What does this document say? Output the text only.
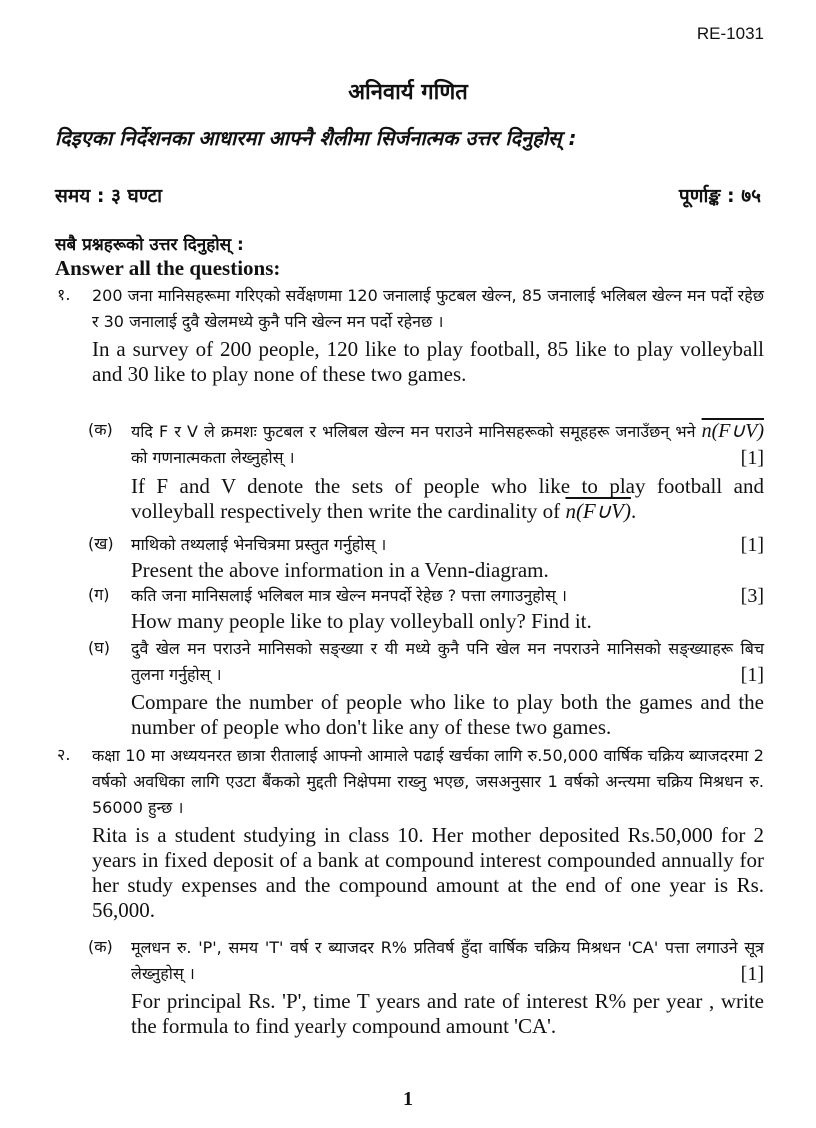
RE-1031
अनिवार्य गणित
दिइएका निर्देशनका आधारमा आफ्नै शैलीमा सिर्जनात्मक उत्तर दिनुहोस् :
समय : ३ घण्टा	पूर्णाङ्क : ७५
सबै प्रश्नहरूको उत्तर दिनुहोस् :
Answer all the questions:
१. 200 जना मानिसहरूमा गरिएको सर्वेक्षणमा 120 जनालाई फुटबल खेल्न, 85 जनालाई भलिबल खेल्न मन पर्दो रहेछ र 30 जनालाई दुवै खेलमध्ये कुनै पनि खेल्न मन पर्दो रहेनछ ।

In a survey of 200 people, 120 like to play football, 85 like to play volleyball and 30 like to play none of these two games.

(क) यदि F र V ले क्रमशः फुटबल र भलिबल खेल्न मन पराउने मानिसहरूको समूहहरू जनाउँछन् भने n(F∪V) को गणनात्मकता लेख्नुहोस् ।	[1]

If F and V denote the sets of people who like to play football and volleyball respectively then write the cardinality of n(F∪V).

(ख) माथिको तथ्यलाई भेनचित्रमा प्रस्तुत गर्नुहोस् ।	[1]

Present the above information in a Venn-diagram.

(ग) कति जना मानिसलाई भलिबल मात्र खेल्न मनपर्दो रेहेछ ? पत्ता लगाउनुहोस् ।	[3]

How many people like to play volleyball only? Find it.

(घ) दुवै खेल मन पराउने मानिसको सङ्ख्या र यी मध्ये कुनै पनि खेल मन नपराउने मानिसको सङ्ख्याहरू बिच तुलना गर्नुहोस् ।	[1]

Compare the number of people who like to play both the games and the number of people who don't like any of these two games.

२. कक्षा 10 मा अध्ययनरत छात्रा रीतालाई आफ्नो आमाले पढाई खर्चका लागि रु.50,000 वार्षिक चक्रिय ब्याजदरमा 2 वर्षको अवधिका लागि एउटा बैंकको मुद्दती निक्षेपमा राख्नु भएछ, जसअनुसार 1 वर्षको अन्त्यमा चक्रिय मिश्रधन रु. 56000 हुन्छ ।

Rita is a student studying in class 10. Her mother deposited Rs.50,000 for 2 years in fixed deposit of a bank at compound interest compounded annually for her study expenses and the compound amount at the end of one year is Rs. 56,000.

(क) मूलधन रु. 'P', समय 'T' वर्ष र ब्याजदर R% प्रतिवर्ष हुँदा वार्षिक चक्रिय मिश्रधन 'CA' पत्ता लगाउने सूत्र लेख्नुहोस् ।	[1]

For principal Rs. 'P', time T years and rate of interest R% per year , write the formula to find yearly compound amount 'CA'.

1
